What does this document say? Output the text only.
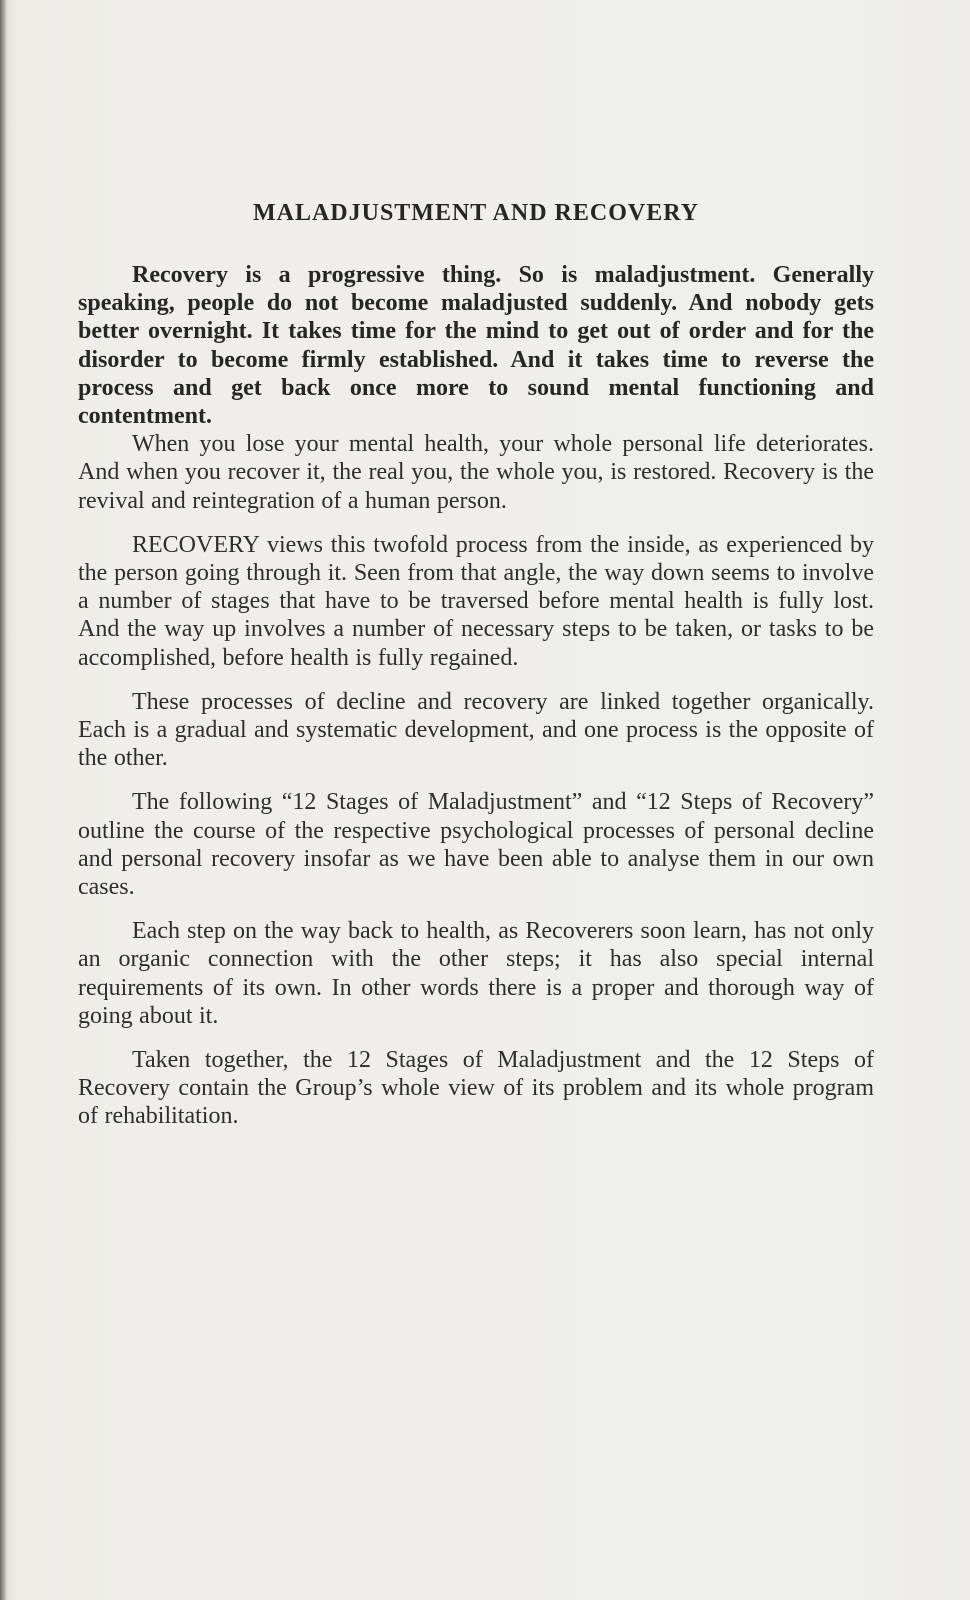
MALADJUSTMENT AND RECOVERY

Recovery is a progressive thing. So is maladjustment. Generally speaking, people do not become maladjusted suddenly. And nobody gets better overnight. It takes time for the mind to get out of order and for the disorder to become firmly established. And it takes time to reverse the process and get back once more to sound mental functioning and contentment.

When you lose your mental health, your whole personal life deteriorates. And when you recover it, the real you, the whole you, is restored. Recovery is the revival and reintegration of a human person.

RECOVERY views this twofold process from the inside, as experienced by the person going through it. Seen from that angle, the way down seems to involve a number of stages that have to be traversed before mental health is fully lost. And the way up involves a number of necessary steps to be taken, or tasks to be accomplished, before health is fully regained.

These processes of decline and recovery are linked together organically. Each is a gradual and systematic development, and one process is the opposite of the other.

The following “12 Stages of Maladjustment” and “12 Steps of Recovery” outline the course of the respective psychological processes of personal decline and personal recovery insofar as we have been able to analyse them in our own cases.

Each step on the way back to health, as Recoverers soon learn, has not only an organic connection with the other steps; it has also special internal requirements of its own. In other words there is a proper and thorough way of going about it.

Taken together, the 12 Stages of Maladjustment and the 12 Steps of Recovery contain the Group’s whole view of its problem and its whole program of rehabilitation.
